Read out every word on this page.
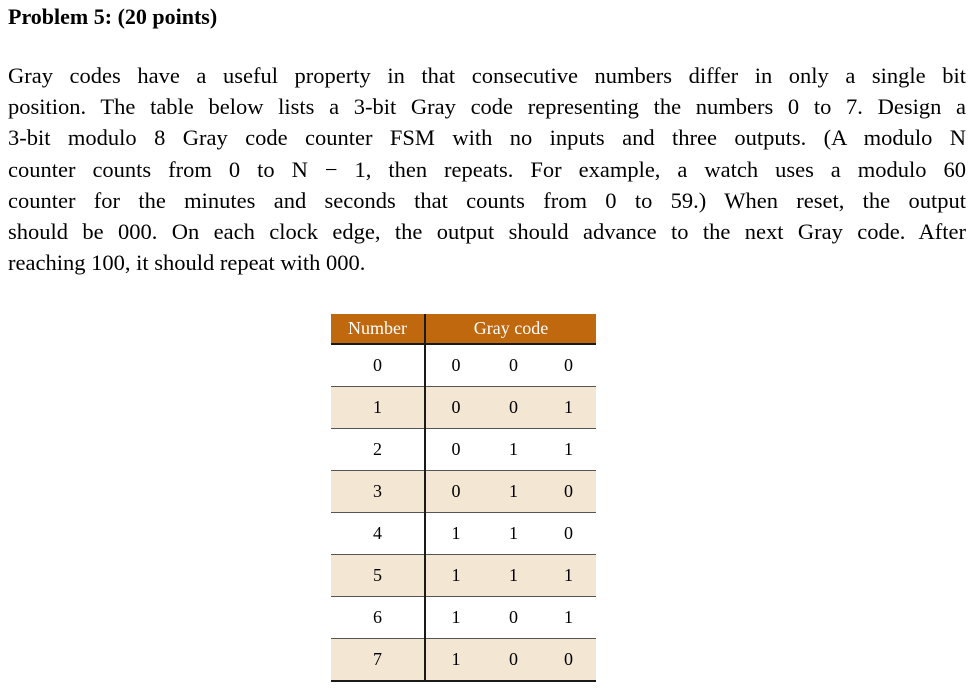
Problem 5: (20 points)
Gray codes have a useful property in that consecutive numbers differ in only a single bit
position. The table below lists a 3-bit Gray code representing the numbers 0 to 7. Design a
3-bit modulo 8 Gray code counter FSM with no inputs and three outputs. (A modulo N
counter counts from 0 to N − 1, then repeats. For example, a watch uses a modulo 60
counter for the minutes and seconds that counts from 0 to 59.) When reset, the output
should be 000. On each clock edge, the output should advance to the next Gray code. After
reaching 100, it should repeat with 000.
Number	Gray code		
0	0	0	0
1	0	0	1
2	0	1	1
3	0	1	0
4	1	1	0
5	1	1	1
6	1	0	1
7	1	0	0
